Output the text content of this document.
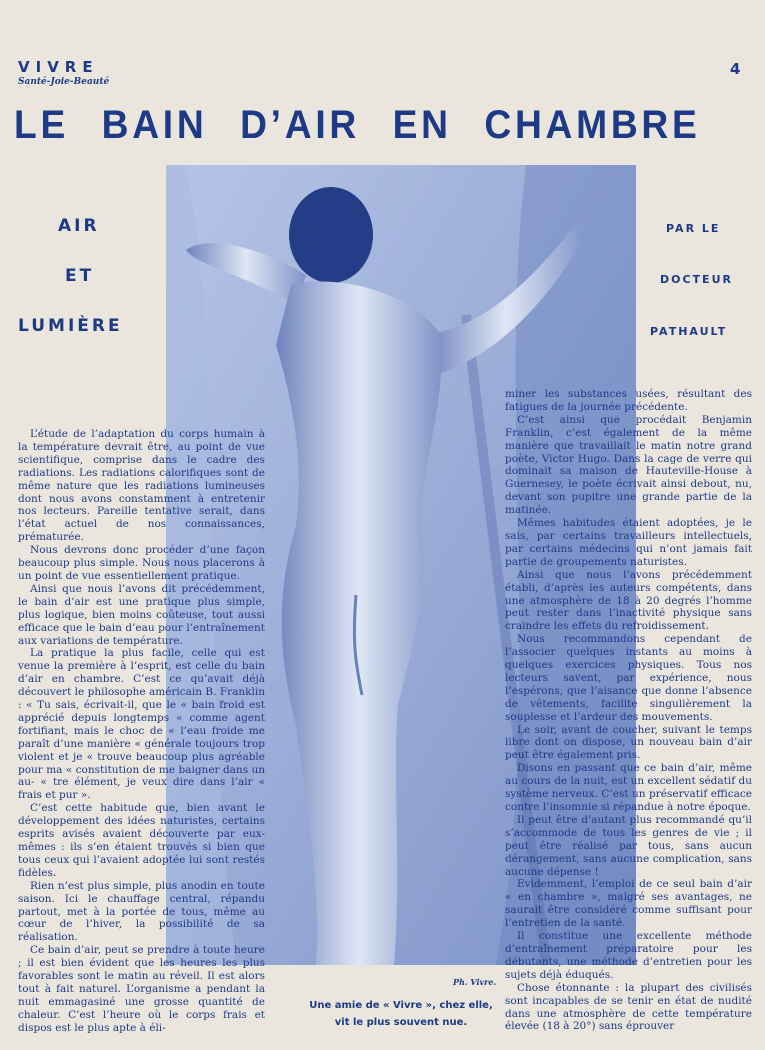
VIVRE
Santé-Joie-Beauté
4
LE BAIN D’AIR EN CHAMBRE
AIR
ET
LUMIÈRE
PAR LE
DOCTEUR
PATHAULT
Ph. Vivre.
Une amie de « Vivre », chez elle,
vit le plus souvent nue.

L’étude de l’adaptation du corps humain à la température devrait être, au point de vue scientifique, comprise dans le cadre des radiations. Les radiations calorifiques sont de même nature que les radiations lumineuses dont nous avons constamment à entretenir nos lecteurs. Pareille tentative serait, dans l’état actuel de nos connaissances, prématurée.

Nous devrons donc procéder d’une façon beaucoup plus simple. Nous nous placerons à un point de vue essentiellement pratique.

Ainsi que nous l’avons dit précédemment, le bain d’air est une pratique plus simple, plus logique, bien moins coûteuse, tout aussi efficace que le bain d’eau pour l’entraînement aux variations de température.

La pratique la plus facile, celle qui est venue la première à l’esprit, est celle du bain d’air en chambre. C’est ce qu’avait déjà découvert le philosophe américain B. Franklin : « Tu sais, écrivait-il, que le « bain froid est apprécié depuis longtemps « comme agent fortifiant, mais le choc de « l’eau froide me paraît d’une manière « générale toujours trop violent et je « trouve beaucoup plus agréable pour ma « constitution de me baigner dans un au- « tre élément, je veux dire dans l’air « frais et pur ».

C’est cette habitude que, bien avant le développement des idées naturistes, certains esprits avisés avaient découverte par eux-mêmes : ils s’en étaient trouvés si bien que tous ceux qui l’avaient adoptée lui sont restés fidèles.

Rien n’est plus simple, plus anodin en toute saison. Ici le chauffage central, répandu partout, met à la portée de tous, même au cœur de l’hiver, la possibilité de sa réalisation.

Ce bain d’air, peut se prendre à toute heure ; il est bien évident que les heures les plus favorables sont le matin au réveil. Il est alors tout à fait naturel. L’organisme a pendant la nuit emmagasiné une grosse quantité de chaleur. C’est l’heure où le corps frais et dispos est le plus apte à éli-

miner les substances usées, résultant des fatigues de la journée précédente.

C’est ainsi que procédait Benjamin Franklin, c’est également de la même manière que travaillait le matin notre grand poète, Victor Hugo. Dans la cage de verre qui dominait sa maison de Hauteville-House à Guernesey, le poète écrivait ainsi debout, nu, devant son pupitre une grande partie de la matinée.

Mêmes habitudes étaient adoptées, je le sais, par certains travailleurs intellectuels, par certains médecins qui n’ont jamais fait partie de groupements naturistes.

Ainsi que nous l’avons précédemment établi, d’après les auteurs compétents, dans une atmosphère de 18 à 20 degrés l’homme peut rester dans l’inactivité physique sans craindre les effets du refroidissement.

Nous recommandons cependant de l’associer quelques instants au moins à quelques exercices physiques. Tous nos lecteurs savent, par expérience, nous l’espérons, que l’aisance que donne l’absence de vêtements, facilite singulièrement la souplesse et l’ardeur des mouvements.

Le soir, avant de coucher, suivant le temps libre dont on dispose, un nouveau bain d’air peut être également pris.

Disons en passant que ce bain d’air, même au cours de la nuit, est un excellent sédatif du système nerveux. C’est un préservatif efficace contre l’insomnie si répandue à notre époque.

Il peut être d’autant plus recommandé qu’il s’accommode de tous les genres de vie ; il peut être réalisé par tous, sans aucun dérangement, sans aucune complication, sans aucune dépense !

Evidemment, l’emploi de ce seul bain d’air « en chambre », malgré ses avantages, ne saurait être considéré comme suffisant pour l’entretien de la santé.

Il constitue une excellente méthode d’entraînement préparatoire pour les débutants, une méthode d’entretien pour les sujets déjà éduqués.

Chose étonnante : la plupart des civilisés sont incapables de se tenir en état de nudité dans une atmosphère de cette température élevée (18 à 20°) sans éprouver
